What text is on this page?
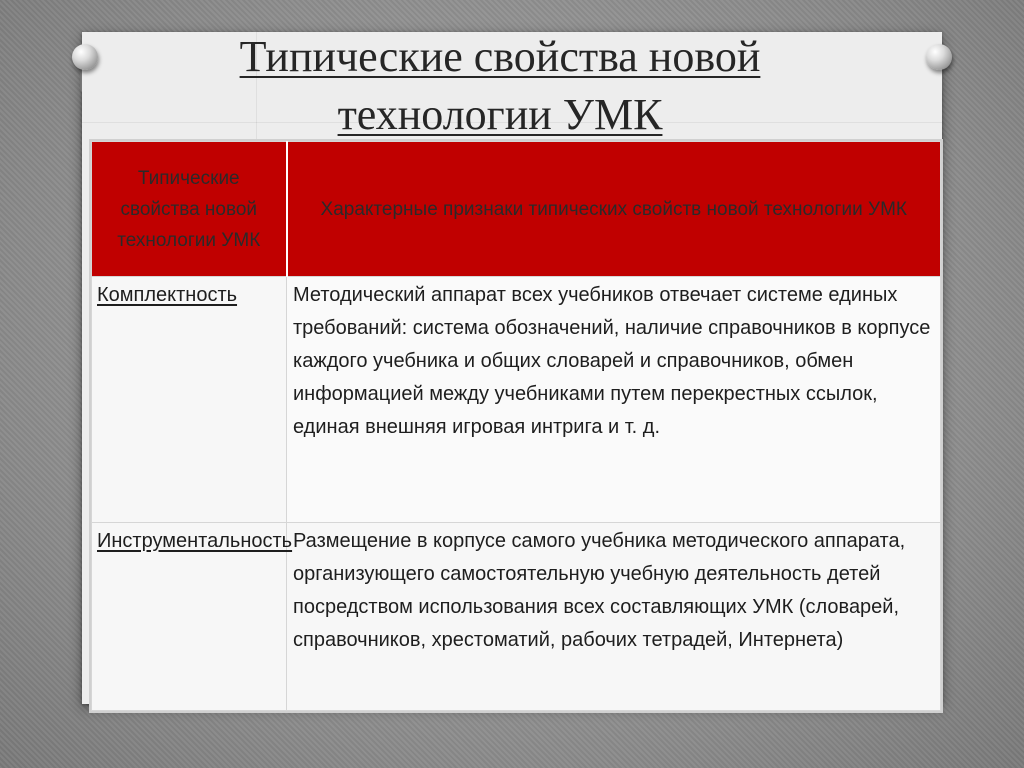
Типические свойства новой технологии УМК
Типические свойства новой технологии УМК	Характерные признаки типических свойств новой технологии УМК
Комплектность	Методический аппарат всех учебников отвечает системе единых требований: система обозначений, наличие справочников в корпусе каждого учебника и общих словарей и справочников, обмен информацией между учебниками путем перекрестных ссылок, единая внешняя игровая интрига и т. д.
Инструментальность	Размещение в корпусе самого учебника методического аппарата, организующего самостоятельную учебную деятельность детей посредством использования всех составляющих УМК (словарей, справочников, хрестоматий, рабочих тетрадей, Интернета)
